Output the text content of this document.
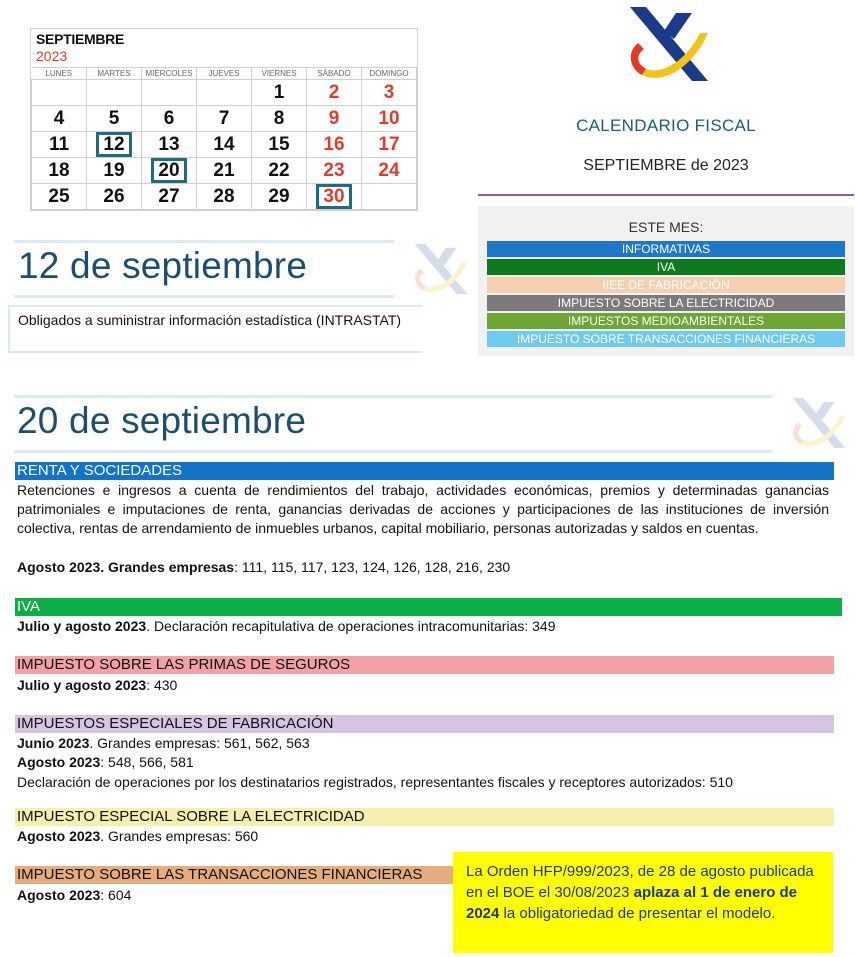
SEPTIEMBRE
2023
LUNES	MARTES	MIÉRCOLES	JUEVES	VIERNES	SÁBADO	DOMINGO
				1	2	3
4	5	6	7	8	9	10
11	12	13	14	15	16	17
18	19	20	21	22	23	24
25	26	27	28	29	30	
CALENDARIO FISCAL
SEPTIEMBRE de 2023
ESTE MES:
INFORMATIVAS
IVA
IIEE DE FABRICACIÓN
IMPUESTO SOBRE LA ELECTRICIDAD
IMPUESTOS MEDIOAMBIENTALES
IMPUESTO SOBRE TRANSACCIONES FINANCIERAS
12 de septiembre

Obligados a suministrar información estadística (INTRASTAT)

20 de septiembre
RENTA Y SOCIEDADES
Retenciones e ingresos a cuenta de rendimientos del trabajo, actividades económicas, premios y determinadas ganancias patrimoniales e imputaciones de renta, ganancias derivadas de acciones y participaciones de las instituciones de inversión colectiva, rentas de arrendamiento de inmuebles urbanos, capital mobiliario, personas autorizadas y saldos en cuentas.
Agosto 2023. Grandes empresas: 111, 115, 117, 123, 124, 126, 128, 216, 230
IVA
Julio y agosto 2023. Declaración recapitulativa de operaciones intracomunitarias: 349
IMPUESTO SOBRE LAS PRIMAS DE SEGUROS
Julio y agosto 2023: 430
IMPUESTOS ESPECIALES DE FABRICACIÓN
Junio 2023. Grandes empresas: 561, 562, 563
Agosto 2023: 548, 566, 581
Declaración de operaciones por los destinatarios registrados, representantes fiscales y receptores autorizados: 510
IMPUESTO ESPECIAL SOBRE LA ELECTRICIDAD
Agosto 2023. Grandes empresas: 560
IMPUESTO SOBRE LAS TRANSACCIONES FINANCIERAS
Agosto 2023: 604

La Orden HFP/999/2023, de 28 de agosto publicada en el BOE el 30/08/2023 aplaza al 1 de enero de 2024 la obligatoriedad de presentar el modelo.
